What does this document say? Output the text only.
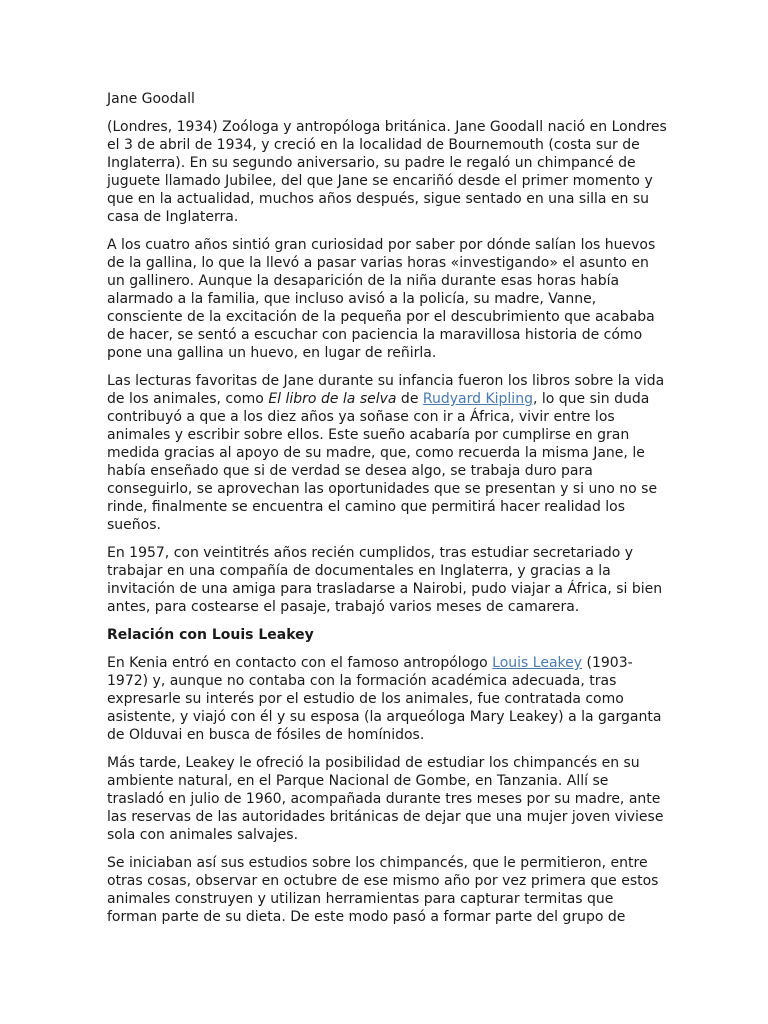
Jane Goodall

(Londres, 1934) Zoóloga y antropóloga británica. Jane Goodall nació en Londres el 3 de abril de 1934, y creció en la localidad de Bournemouth (costa sur de Inglaterra). En su segundo aniversario, su padre le regaló un chimpancé de juguete llamado Jubilee, del que Jane se encariñó desde el primer momento y que en la actualidad, muchos años después, sigue sentado en una silla en su casa de Inglaterra.

A los cuatro años sintió gran curiosidad por saber por dónde salían los huevos de la gallina, lo que la llevó a pasar varias horas «investigando» el asunto en un gallinero. Aunque la desaparición de la niña durante esas horas había alarmado a la familia, que incluso avisó a la policía, su madre, Vanne, consciente de la excitación de la pequeña por el descubrimiento que acababa de hacer, se sentó a escuchar con paciencia la maravillosa historia de cómo pone una gallina un huevo, en lugar de reñirla.

Las lecturas favoritas de Jane durante su infancia fueron los libros sobre la vida de los animales, como El libro de la selva de Rudyard Kipling, lo que sin duda contribuyó a que a los diez años ya soñase con ir a África, vivir entre los animales y escribir sobre ellos. Este sueño acabaría por cumplirse en gran medida gracias al apoyo de su madre, que, como recuerda la misma Jane, le había enseñado que si de verdad se desea algo, se trabaja duro para conseguirlo, se aprovechan las oportunidades que se presentan y si uno no se rinde, finalmente se encuentra el camino que permitirá hacer realidad los sueños.

En 1957, con veintitrés años recién cumplidos, tras estudiar secretariado y trabajar en una compañía de documentales en Inglaterra, y gracias a la invitación de una amiga para trasladarse a Nairobi, pudo viajar a África, si bien antes, para costearse el pasaje, trabajó varios meses de camarera.

Relación con Louis Leakey

En Kenia entró en contacto con el famoso antropólogo Louis Leakey (1903-1972) y, aunque no contaba con la formación académica adecuada, tras expresarle su interés por el estudio de los animales, fue contratada como asistente, y viajó con él y su esposa (la arqueóloga Mary Leakey) a la garganta de Olduvai en busca de fósiles de homínidos.

Más tarde, Leakey le ofreció la posibilidad de estudiar los chimpancés en su ambiente natural, en el Parque Nacional de Gombe, en Tanzania. Allí se trasladó en julio de 1960, acompañada durante tres meses por su madre, ante las reservas de las autoridades británicas de dejar que una mujer joven viviese sola con animales salvajes.

Se iniciaban así sus estudios sobre los chimpancés, que le permitieron, entre otras cosas, observar en octubre de ese mismo año por vez primera que estos animales construyen y utilizan herramientas para capturar termitas que forman parte de su dieta. De este modo pasó a formar parte del grupo de
